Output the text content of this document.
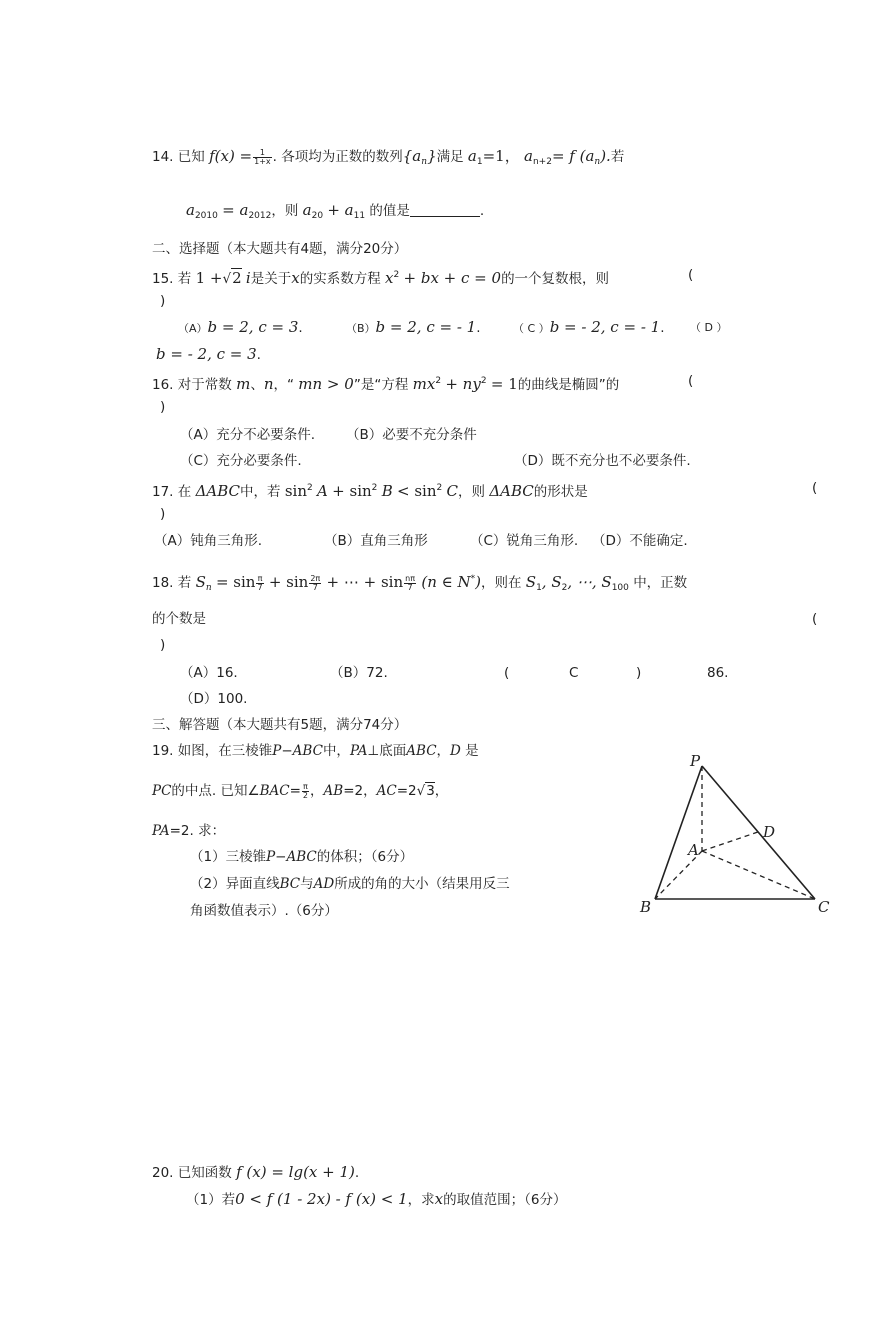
14. 已知 $f(x) = \frac{1}{1+x}$ . 各项均为正数的数列$\{a_n\}$满足 $a_1=1$， $a_{n+2}= f$ $(a_n)$.若
$a_{2010} = a_{2012}$，则 $a_{20} + a_{11}$ 的值是	.
二、选择题（本大题共有4题，满分20分）
15. 若 1 +√2 i是关于x的实系数方程 $x^2$ + bx + c = 0的一个复数根，则	(
)
（A）b = 2, c = 3.	（B）b = 2, c = - 1.	（ C ）b = - 2, c = - 1. （ D ）
b = - 2, c = 3.
16. 对于常数 m、n，“ mn > 0”是“方程 $mx^2 + ny^2 = 1$的曲线是椭圆”的	(
)
（A）充分不必要条件. （B）必要不充分条件
（C）充分必要条件.	（D）既不充分也不必要条件.
17. 在 ΔABC中，若 $\sin^2 A + \sin^2 B < \sin^2 C$，则 ΔABC的形状是	(
)
（A）钝角三角形.	（B）直角三角形	（C）锐角三角形. （D）不能确定.
18. 若 $S_n = \sin \frac{\pi}{7} + \sin \frac{2\pi}{7}$ + ⋯ + $\sin \frac{n\pi}{7} (n$ ∈ N*)，则在 $S_1$, $S_2$, ⋯, $S_{100}$ 中，正数
的个数是	(
)
（A）16.	（B）72.	(	C	)	86.
（D）100.
三、解答题（本大题共有5题，满分74分）
19. 如图，在三棱锥P−ABC中，PA⊥底面ABC，D 是
PC的中点. 已知∠BAC= $\frac{\pi}{2}$ ，AB=2，AC=2√3，
PA=2. 求：
（1）三棱锥P−ABC的体积；（6分）
（2）异面直线BC与AD所成的角的大小（结果用反三
角函数值表示）.（6分）
P
A
B	C
D
20. 已知函数 f (x) = lg(x + 1).
（1）若0 < f (1 - 2x) - f (x) < 1，求x的取值范围；（6分）
